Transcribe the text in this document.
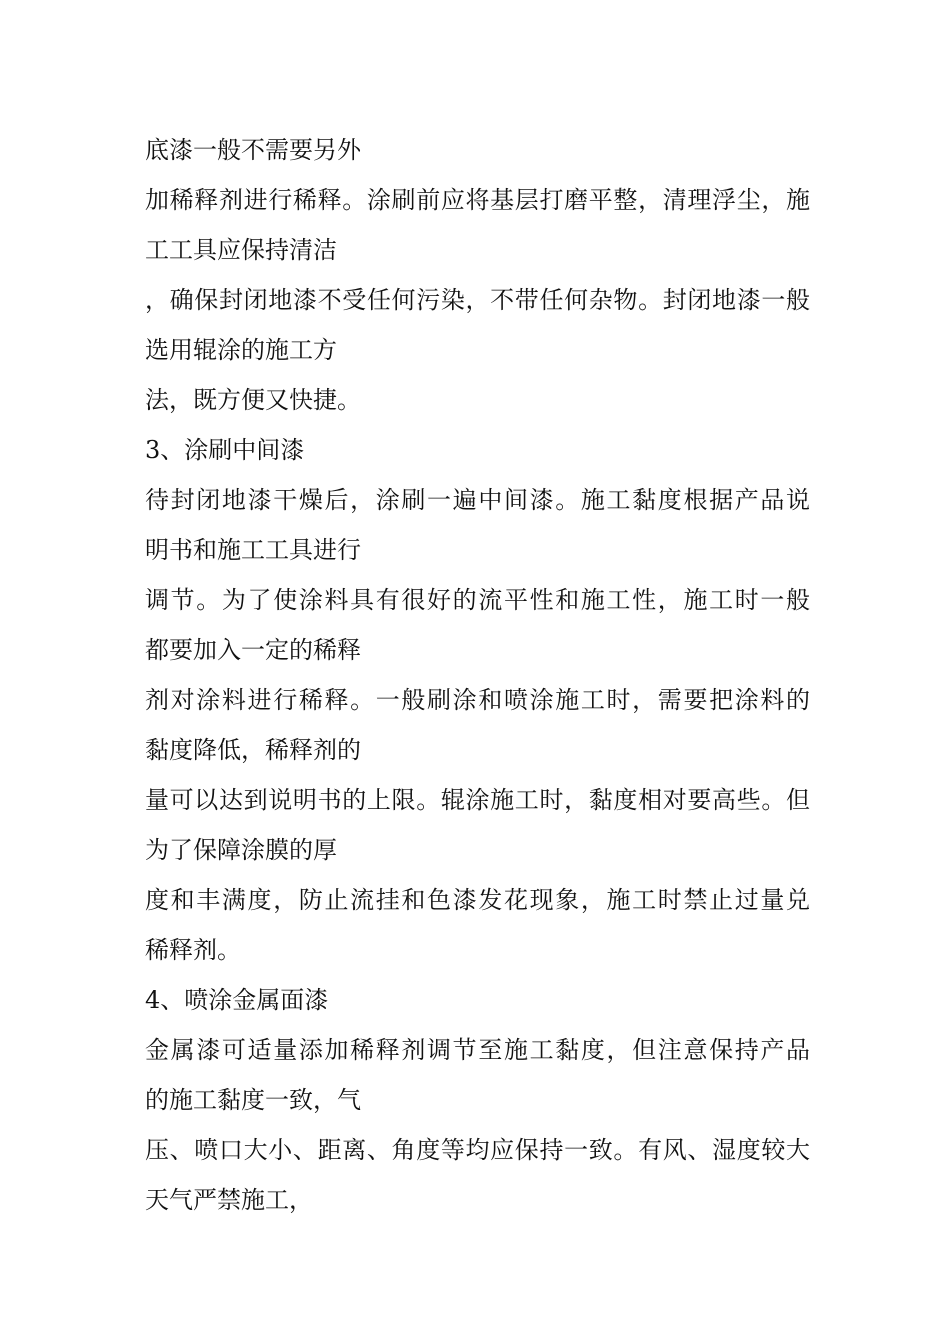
底漆一般不需要另外
加稀释剂进行稀释。涂刷前应将基层打磨平整，清理浮尘，施
工工具应保持清洁
，确保封闭地漆不受任何污染，不带任何杂物。封闭地漆一般
选用辊涂的施工方
法，既方便又快捷。
3、涂刷中间漆
待封闭地漆干燥后，涂刷一遍中间漆。施工黏度根据产品说
明书和施工工具进行
调节。为了使涂料具有很好的流平性和施工性，施工时一般
都要加入一定的稀释
剂对涂料进行稀释。一般刷涂和喷涂施工时，需要把涂料的
黏度降低，稀释剂的
量可以达到说明书的上限。辊涂施工时，黏度相对要高些。但
为了保障涂膜的厚
度和丰满度，防止流挂和色漆发花现象，施工时禁止过量兑
稀释剂。
4、喷涂金属面漆
金属漆可适量添加稀释剂调节至施工黏度，但注意保持产品
的施工黏度一致，气
压、喷口大小、距离、角度等均应保持一致。有风、湿度较大
天气严禁施工，
